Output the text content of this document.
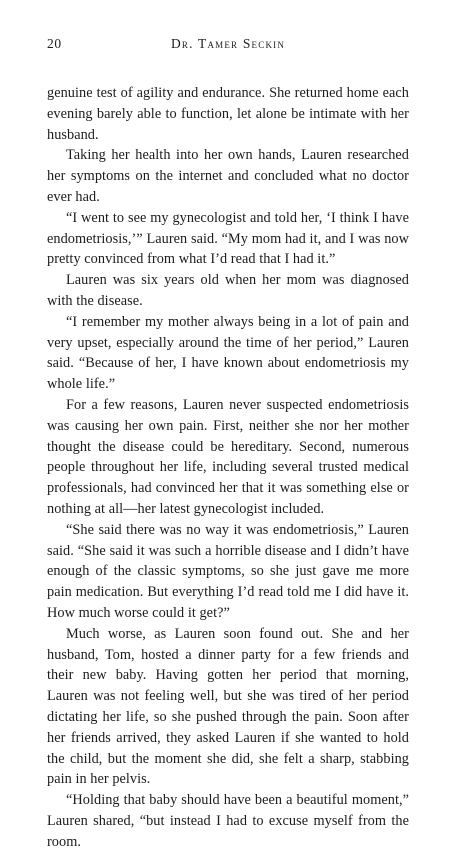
20	Dr. Tamer Seckin

genuine test of agility and endurance. She returned home each evening barely able to function, let alone be intimate with her husband.

Taking her health into her own hands, Lauren researched her symptoms on the internet and concluded what no doctor ever had.

“I went to see my gynecologist and told her, ‘I think I have endometriosis,’” Lauren said. “My mom had it, and I was now pretty convinced from what I’d read that I had it.”

Lauren was six years old when her mom was diagnosed with the disease.

“I remember my mother always being in a lot of pain and very upset, especially around the time of her period,” Lauren said. “Because of her, I have known about endometriosis my whole life.”

For a few reasons, Lauren never suspected endometriosis was causing her own pain. First, neither she nor her mother thought the disease could be hereditary. Second, numerous people throughout her life, including several trusted medical professionals, had convinced her that it was something else or nothing at all—her latest gynecologist included.

“She said there was no way it was endometriosis,” Lauren said. “She said it was such a horrible disease and I didn’t have enough of the classic symptoms, so she just gave me more pain medication. But everything I’d read told me I did have it. How much worse could it get?”

Much worse, as Lauren soon found out. She and her husband, Tom, hosted a dinner party for a few friends and their new baby. Having gotten her period that morning, Lauren was not feeling well, but she was tired of her period dictating her life, so she pushed through the pain. Soon after her friends arrived, they asked Lauren if she wanted to hold the child, but the moment she did, she felt a sharp, stabbing pain in her pelvis.

“Holding that baby should have been a beautiful moment,” Lauren shared, “but instead I had to excuse myself from the room.
